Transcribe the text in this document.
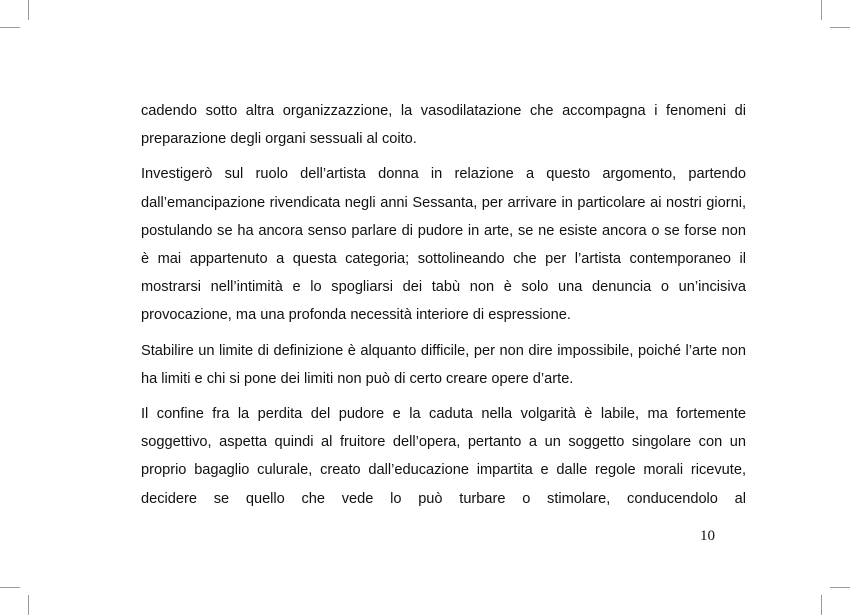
cadendo sotto altra organizzazzione, la vasodilatazione che accompagna i fenomeni di preparazione degli organi sessuali al coito.

Investigerò sul ruolo dell’artista donna in relazione a questo argomento, partendo dall’emancipazione rivendicata negli anni Sessanta, per arrivare in particolare ai nostri giorni, postulando se ha ancora senso parlare di pudore in arte, se ne esiste ancora o se forse non è mai appartenuto a questa categoria; sottolineando che per l’artista contemporaneo il mostrarsi nell’intimità e lo spogliarsi dei tabù non è solo una denuncia o un’incisiva provocazione, ma una profonda necessità interiore di espressione.

Stabilire un limite di definizione è alquanto difficile, per non dire impossibile, poiché l’arte non ha limiti e chi si pone dei limiti non può di certo creare opere d’arte.

Il confine fra la perdita del pudore e la caduta nella volgarità è labile, ma fortemente soggettivo, aspetta quindi al fruitore dell’opera, pertanto a un soggetto singolare con un proprio bagaglio culurale, creato dall’educazione impartita e dalle regole morali ricevute, decidere se quello che vede lo può turbare o stimolare, conducendolo al

10
